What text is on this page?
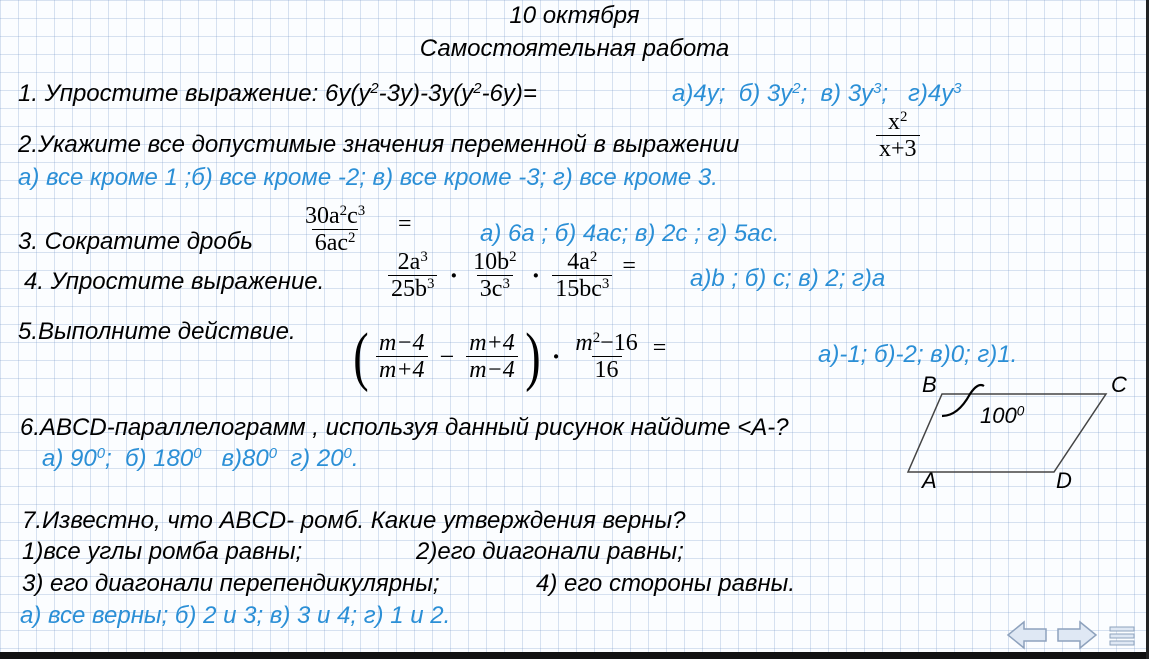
10 октября
Самостоятельная работа
1. Упростите выражение: $6y(y^2-3y)-3y(y^2-6y)=$	а)4y; б) $3y^2$;  в) $3y^3$;   $г)4y^3$
2.Укажите все допустимые значения переменной в выражении	$\frac{x^2}{x+3}$
а) все кроме 1 ;б) все кроме -2; в) все кроме -3; г) все кроме 3.
3. Сократите дробь $\frac{30a^2c^3}{6ac^2}$ =	а) 6а ; б) 4ас; в) 2с ; г) 5ас.
4. Упростите выражение.	$\frac{2a^3}{25b^3} \cdot \frac{10b^2}{3c^3} \cdot \frac{4a^2}{15bc^3} = а)b$ ; б) с; в) 2; г)а
5.Выполните действие. ( $\frac{m-4}{m+4} - \frac{m+4}{m-4}$ ) · $\frac{m^2-16}{16}$ =	а)-1; б)-2; в)0; г)1.
6.ABCD-параллелограмм , используя данный рисунок найдите <A-?
а) $90^0$; б) $180^0$ $в)80^0$ г) $20^0$.
B	C
A	D
$100^0$
7.Известно, что ABCD- ромб. Какие утверждения верны?
1)все углы ромба равны;	2)его диагонали равны;
3) его диагонали перепендикулярны;	4) его стороны равны.
а) все верны; б) 2 и 3; в) 3 и 4; г) 1 и 2.
